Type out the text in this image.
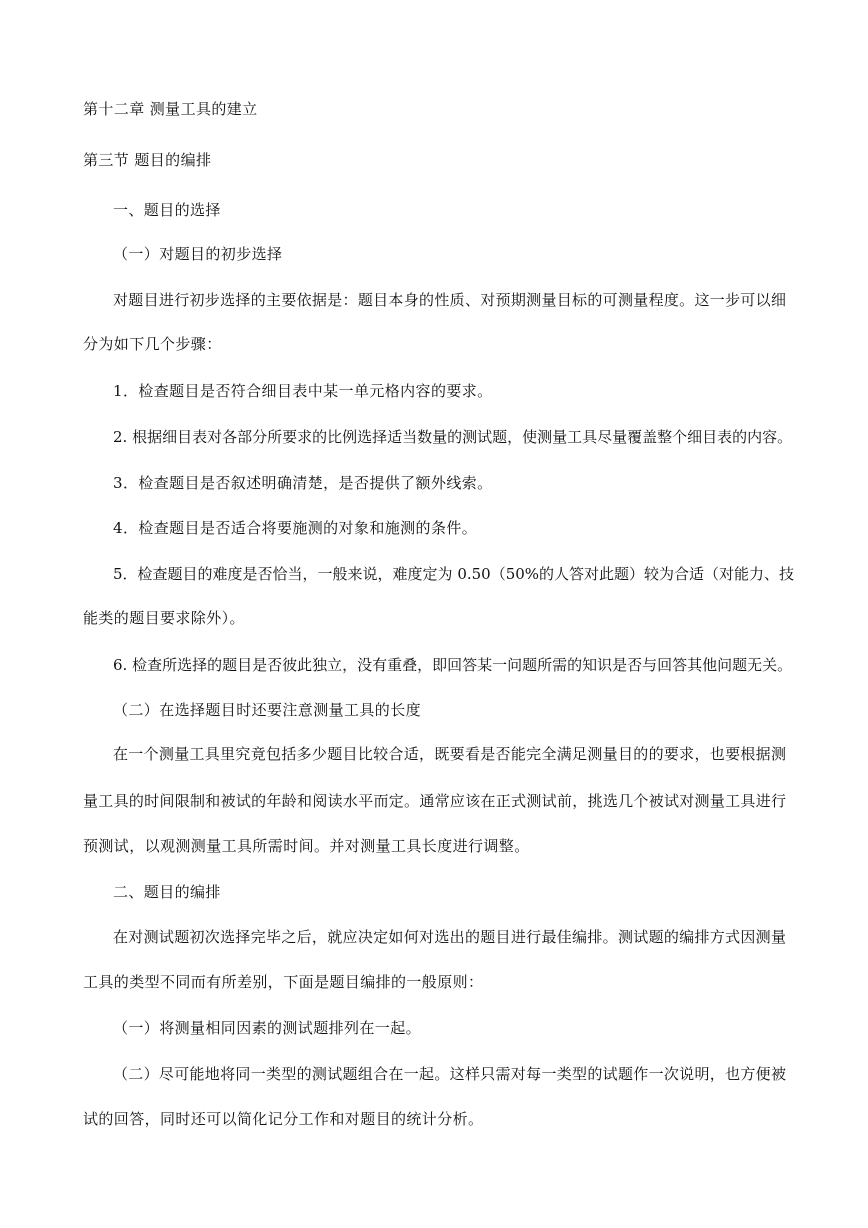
第十二章 测量工具的建立
第三节 题目的编排
一、题目的选择
（一）对题目的初步选择
对题目进行初步选择的主要依据是：题目本身的性质、对预期测量目标的可测量程度。这一步可以细
分为如下几个步骤：
1．检查题目是否符合细目表中某一单元格内容的要求。
2. 根据细目表对各部分所要求的比例选择适当数量的测试题，使测量工具尽量覆盖整个细目表的内容。
3．检查题目是否叙述明确清楚，是否提供了额外线索。
4．检查题目是否适合将要施测的对象和施测的条件。
5．检查题目的难度是否恰当，一般来说，难度定为 0.50（50%的人答对此题）较为合适（对能力、技
能类的题目要求除外）。
6. 检查所选择的题目是否彼此独立，没有重叠，即回答某一问题所需的知识是否与回答其他问题无关。
（二）在选择题目时还要注意测量工具的长度
在一个测量工具里究竟包括多少题目比较合适，既要看是否能完全满足测量目的的要求，也要根据测
量工具的时间限制和被试的年龄和阅读水平而定。通常应该在正式测试前，挑选几个被试对测量工具进行
预测试，以观测测量工具所需时间。并对测量工具长度进行调整。
二、题目的编排
在对测试题初次选择完毕之后，就应决定如何对选出的题目进行最佳编排。测试题的编排方式因测量
工具的类型不同而有所差别，下面是题目编排的一般原则：
（一）将测量相同因素的测试题排列在一起。
（二）尽可能地将同一类型的测试题组合在一起。这样只需对每一类型的试题作一次说明，也方便被
试的回答，同时还可以简化记分工作和对题目的统计分析。
